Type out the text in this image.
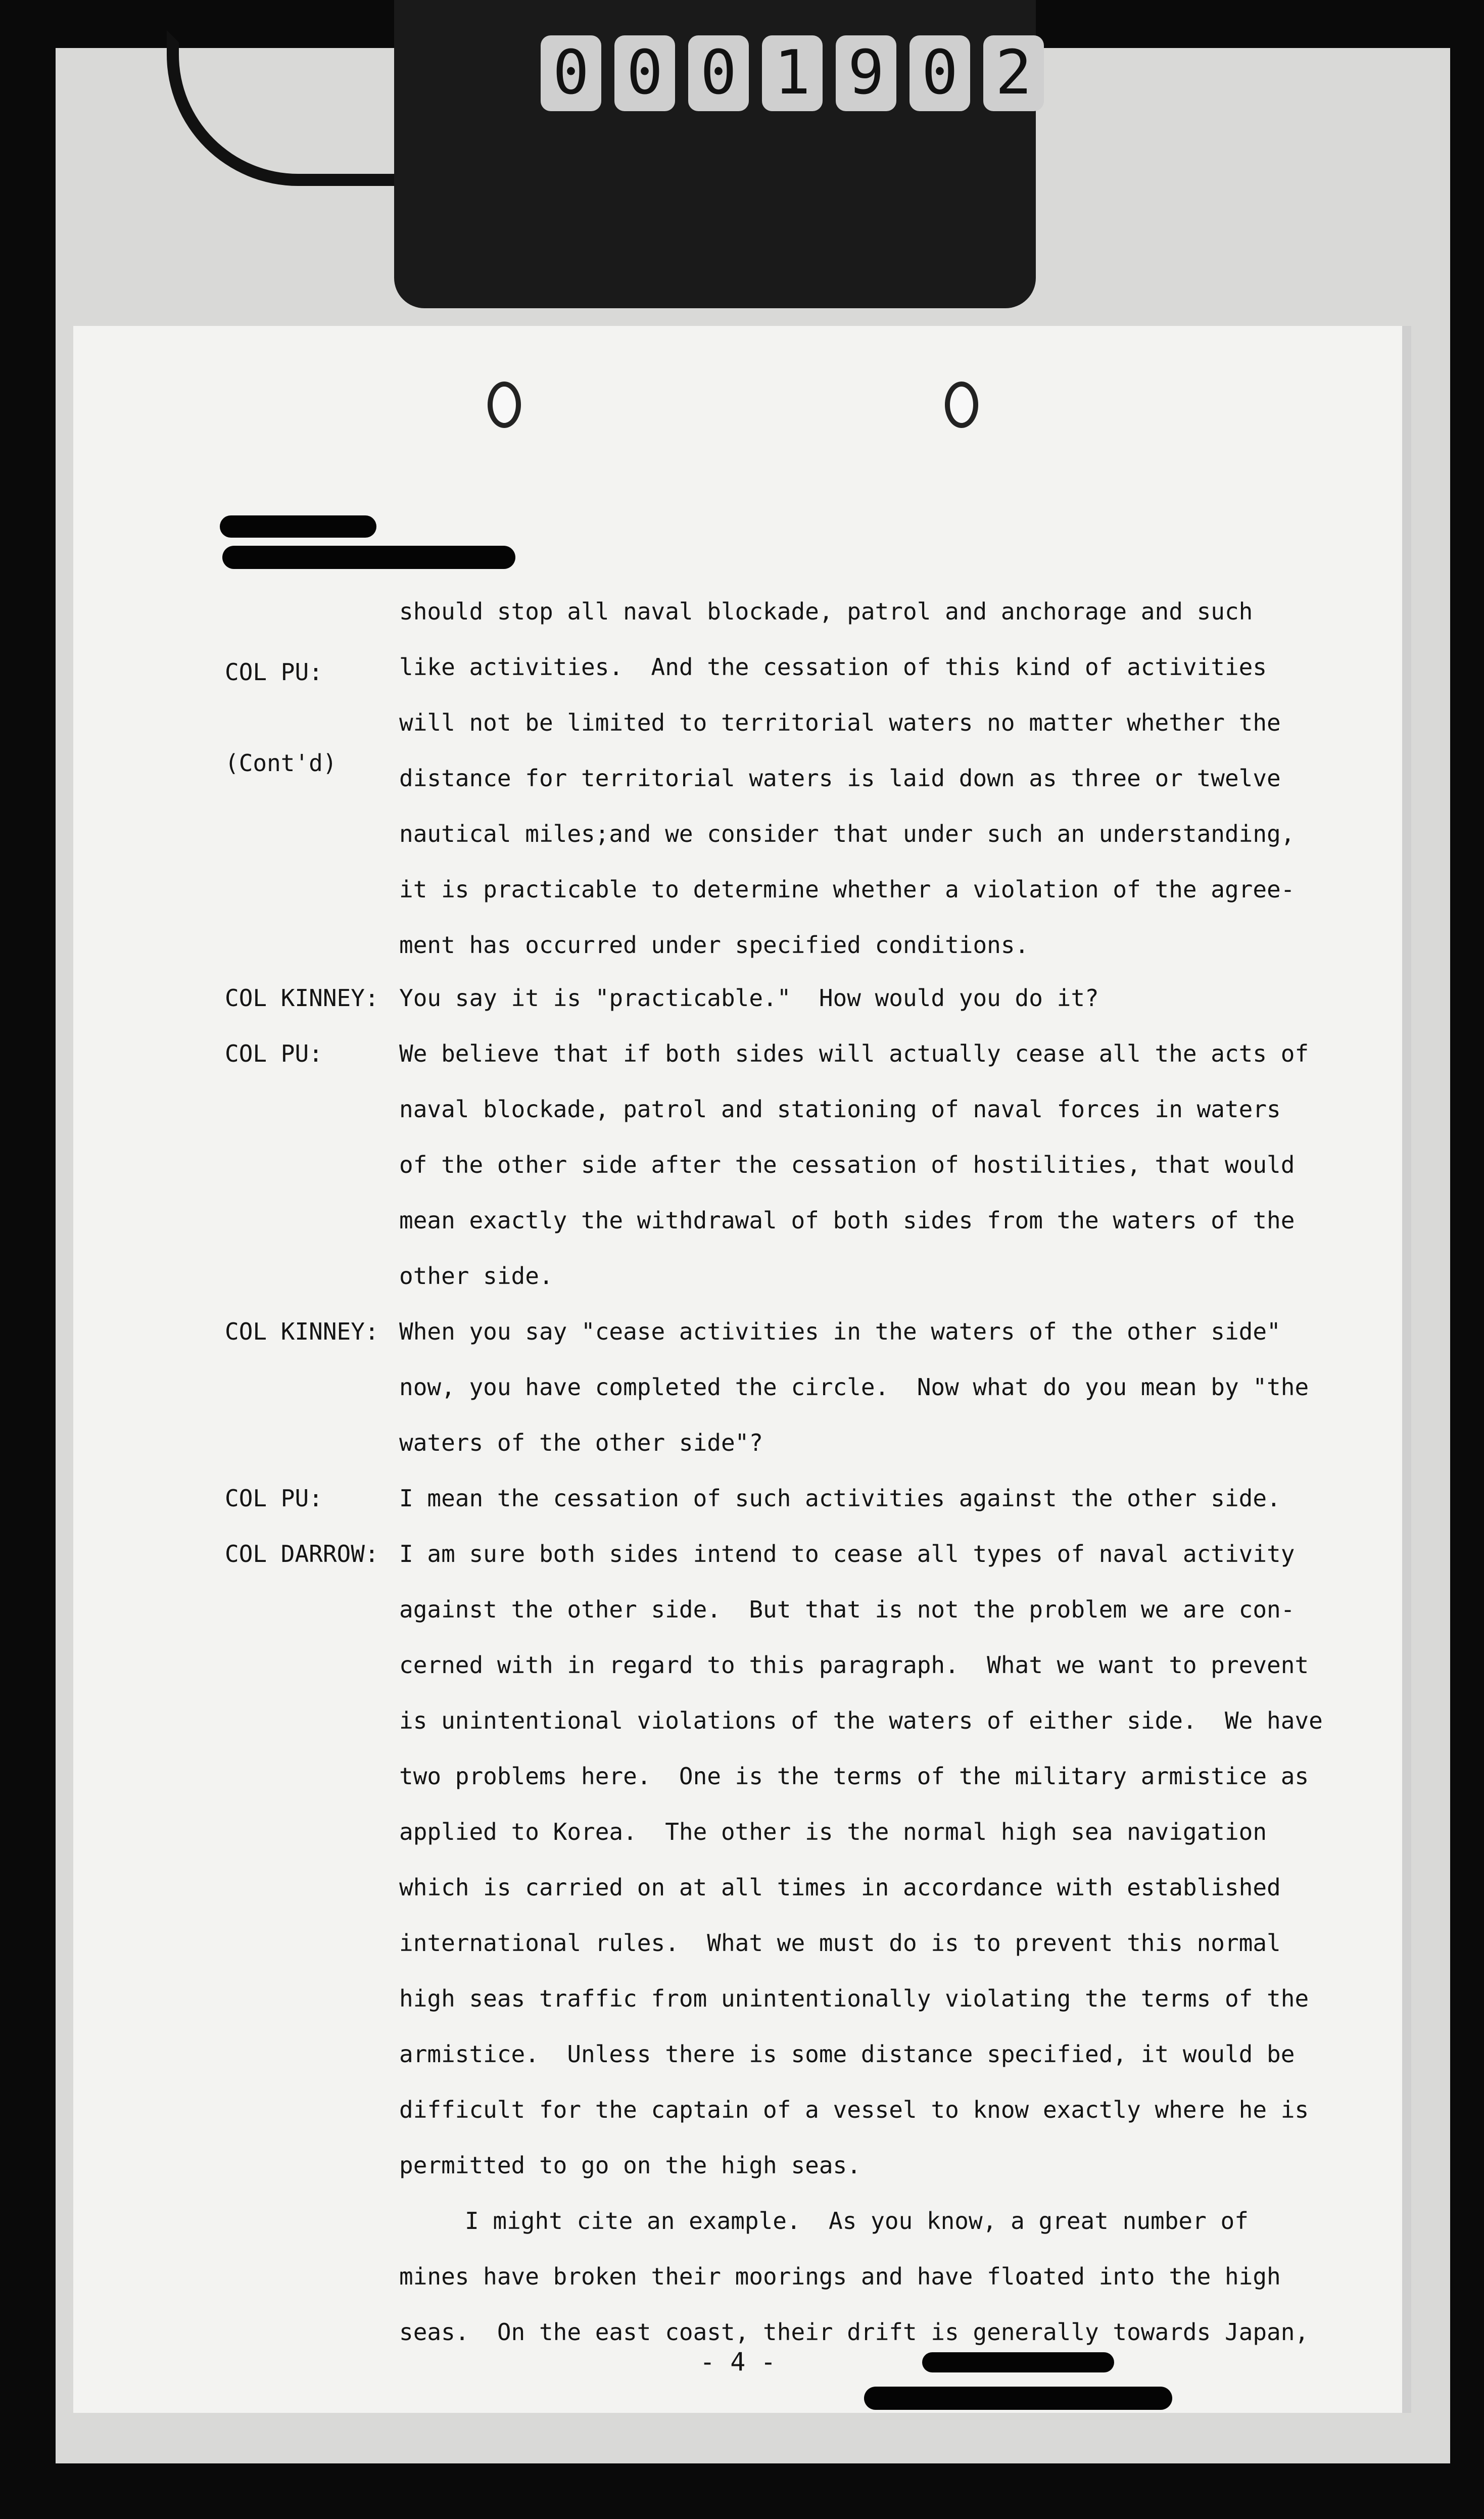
0 0 0 1 9 0 2

COL PU:

(Cont'd)

should stop all naval blockade, patrol and anchorage and such
like activities.  And the cessation of this kind of activities
will not be limited to territorial waters no matter whether the
distance for territorial waters is laid down as three or twelve
nautical miles;and we consider that under such an understanding,
it is practicable to determine whether a violation of the agree-
ment has occurred under specified conditions.
COL KINNEY: You say it is "practicable."  How would you do it?
COL PU:	We believe that if both sides will actually cease all the acts of
naval blockade, patrol and stationing of naval forces in waters
of the other side after the cessation of hostilities, that would
mean exactly the withdrawal of both sides from the waters of the
other side.
COL KINNEY: When you say "cease activities in the waters of the other side"
now, you have completed the circle.  Now what do you mean by "the
waters of the other side"?
COL PU:	I mean the cessation of such activities against the other side.
COL DARROW: I am sure both sides intend to cease all types of naval activity
against the other side.  But that is not the problem we are con-
cerned with in regard to this paragraph.  What we want to prevent
is unintentional violations of the waters of either side.  We have
two problems here.  One is the terms of the military armistice as
applied to Korea.  The other is the normal high sea navigation
which is carried on at all times in accordance with established
international rules.  What we must do is to prevent this normal
high seas traffic from unintentionally violating the terms of the
armistice.  Unless there is some distance specified, it would be
difficult for the captain of a vessel to know exactly where he is
permitted to go on the high seas.
I might cite an example.  As you know, a great number of
mines have broken their moorings and have floated into the high
seas.  On the east coast, their drift is generally towards Japan,
- 4 -
